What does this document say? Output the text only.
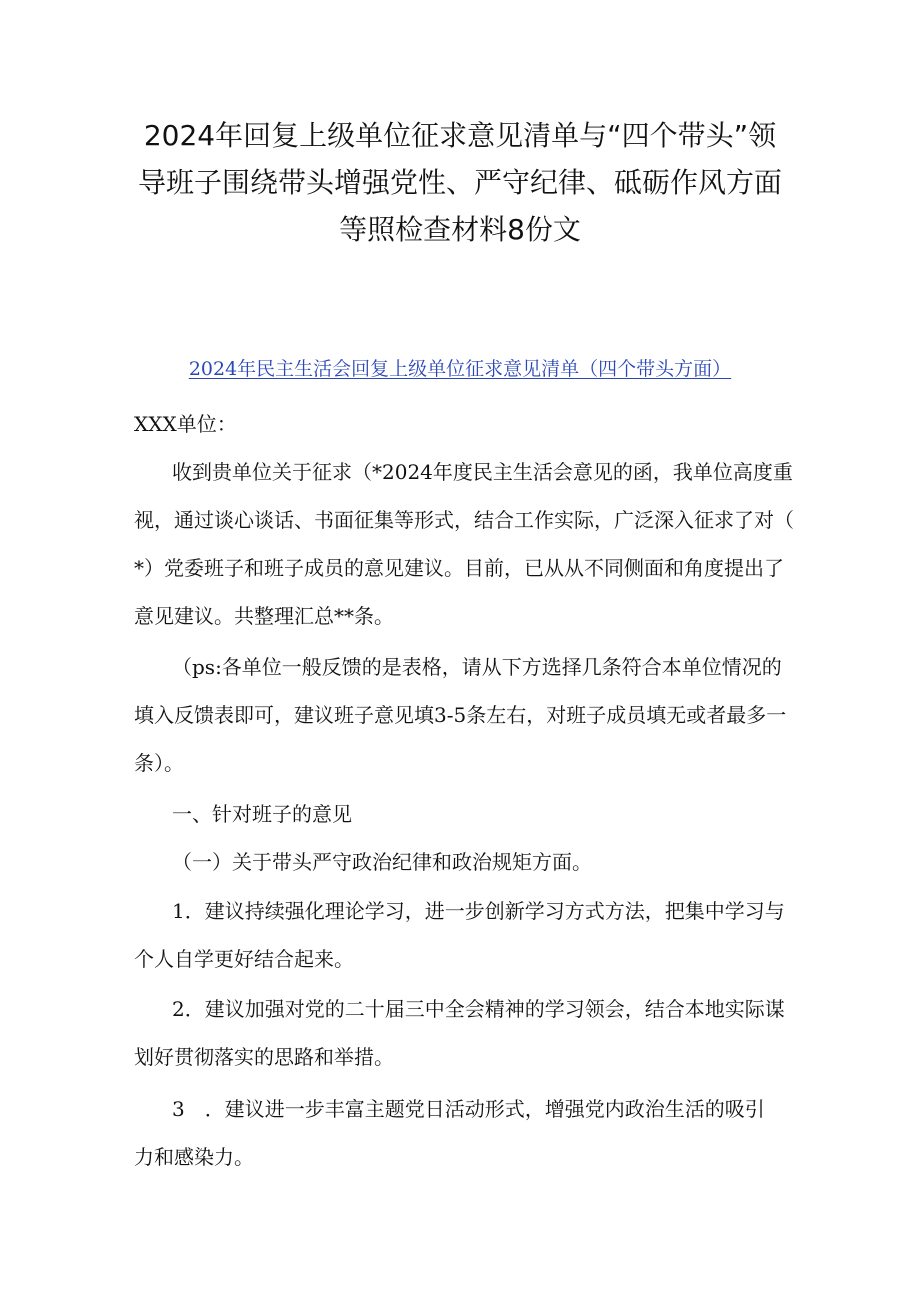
2024年回复上级单位征求意见清单与“四个带头”领
导班子围绕带头增强党性、严守纪律、砥砺作风方面
等照检查材料8份文
2024年民主生活会回复上级单位征求意见清单（四个带头方面）
XXX单位：
收到贵单位关于征求（*2024年度民主生活会意见的函，我单位高度重
视，通过谈心谈话、书面征集等形式，结合工作实际，广泛深入征求了对（
*）党委班子和班子成员的意见建议。目前，已从从不同侧面和角度提出了
意见建议。共整理汇总**条。
（ps:各单位一般反馈的是表格，请从下方选择几条符合本单位情况的
填入反馈表即可，建议班子意见填3-5条左右，对班子成员填无或者最多一
条）。
一、针对班子的意见
（一）关于带头严守政治纪律和政治规矩方面。
1．建议持续强化理论学习，进一步创新学习方式方法，把集中学习与
个人自学更好结合起来。
2．建议加强对党的二十届三中全会精神的学习领会，结合本地实际谋
划好贯彻落实的思路和举措。
3　．建议进一步丰富主题党日活动形式，增强党内政治生活的吸引
力和感染力。
